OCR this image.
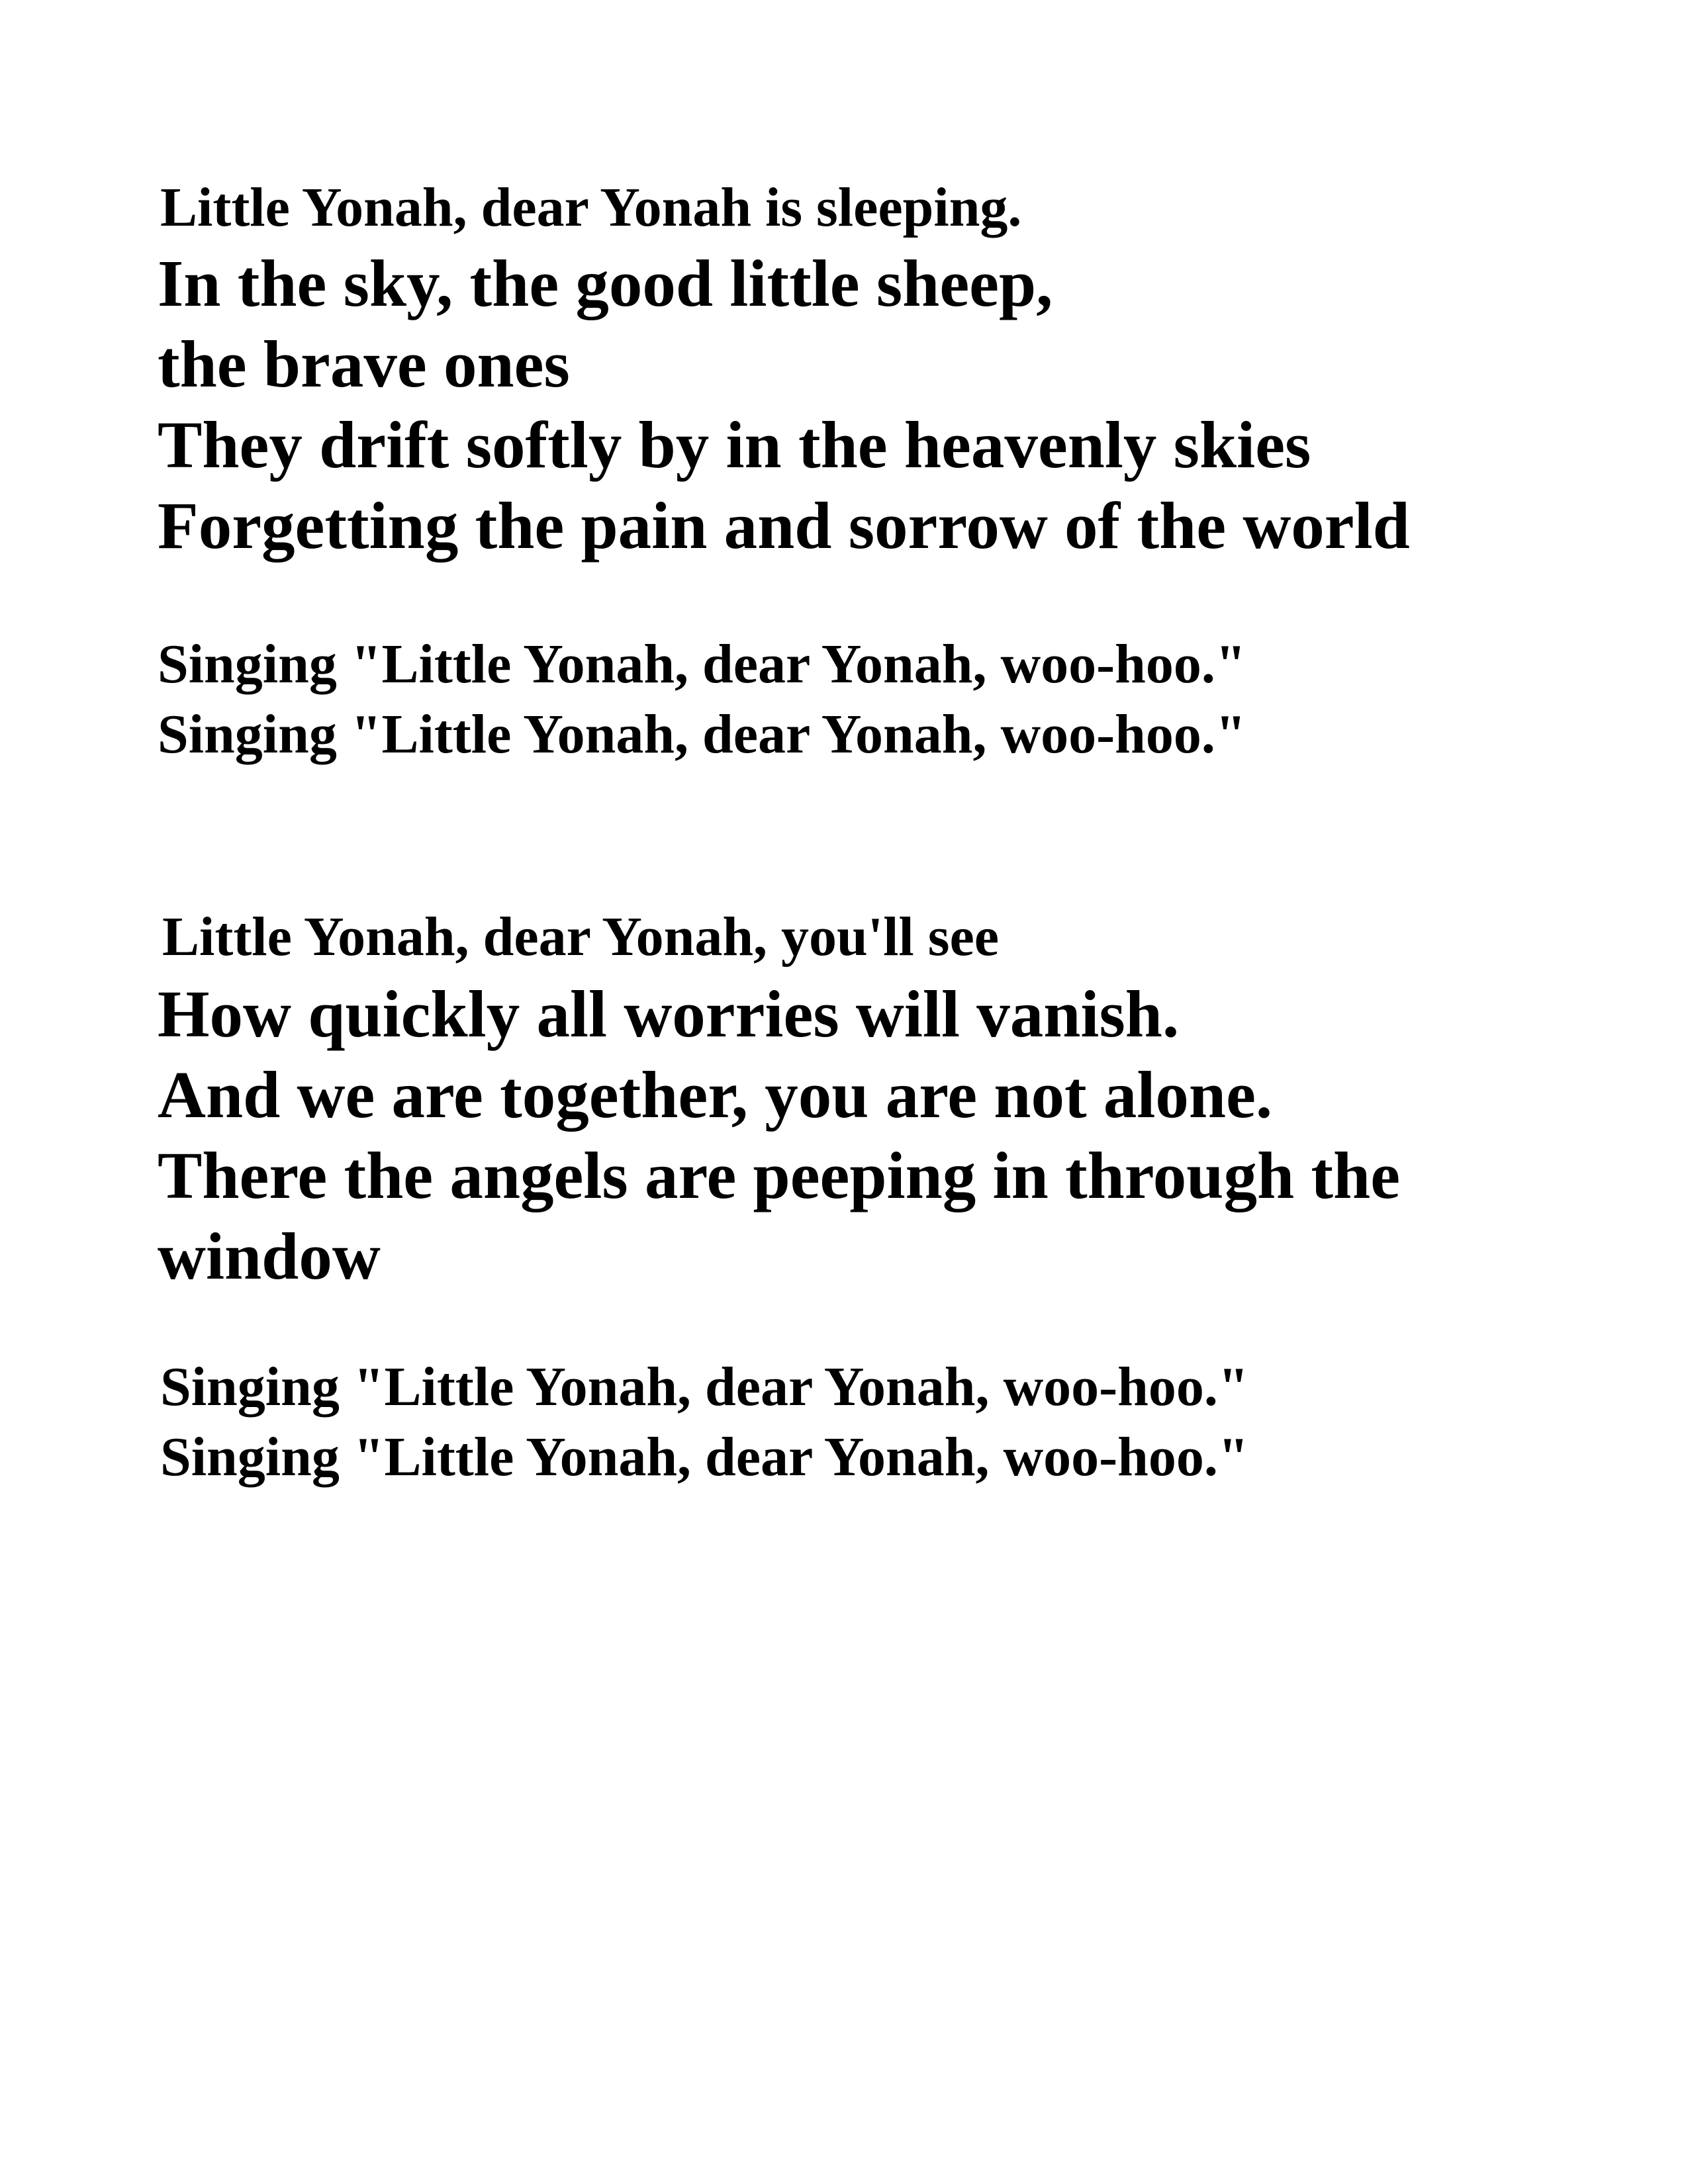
Little Yonah, dear Yonah is sleeping.
In the sky, the good little sheep,
the brave ones
They drift softly by in the heavenly skies
Forgetting the pain and sorrow of the world
Singing "Little Yonah, dear Yonah, woo-hoo."
Singing "Little Yonah, dear Yonah, woo-hoo."
Little Yonah, dear Yonah, you'll see
How quickly all worries will vanish.
And we are together, you are not alone.
There the angels are peeping in through the
window
Singing "Little Yonah, dear Yonah, woo-hoo."
Singing "Little Yonah, dear Yonah, woo-hoo."
